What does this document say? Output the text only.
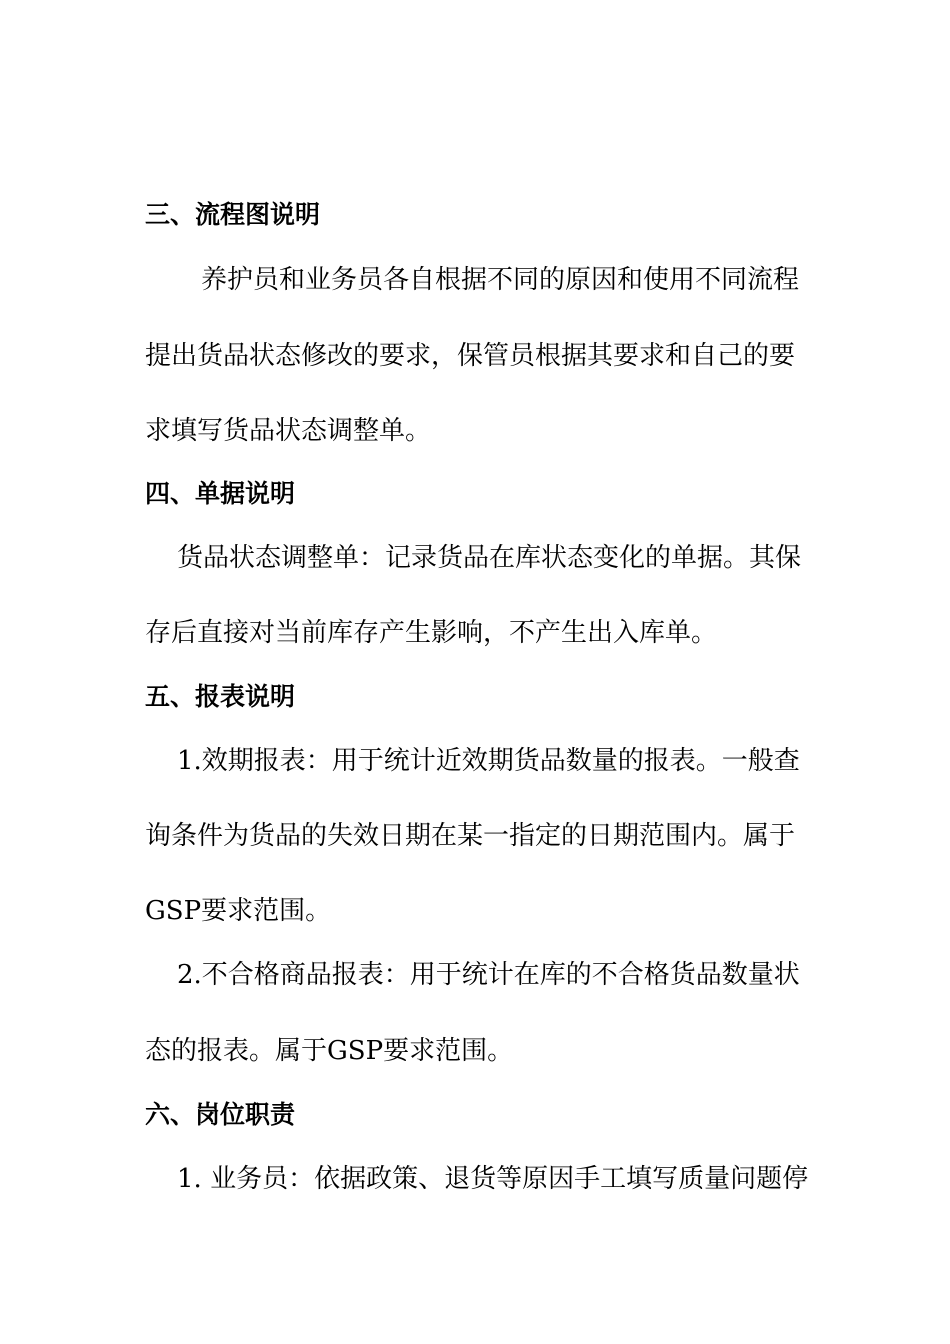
三、流程图说明
养护员和业务员各自根据不同的原因和使用不同流程
提出货品状态修改的要求，保管员根据其要求和自己的要
求填写货品状态调整单。
四、单据说明
货品状态调整单：记录货品在库状态变化的单据。其保
存后直接对当前库存产生影响，不产生出入库单。
五、报表说明
1.效期报表：用于统计近效期货品数量的报表。一般查
询条件为货品的失效日期在某一指定的日期范围内。属于
GSP要求范围。
2.不合格商品报表：用于统计在库的不合格货品数量状
态的报表。属于GSP要求范围。
六、岗位职责
1. 业务员：依据政策、退货等原因手工填写质量问题停
